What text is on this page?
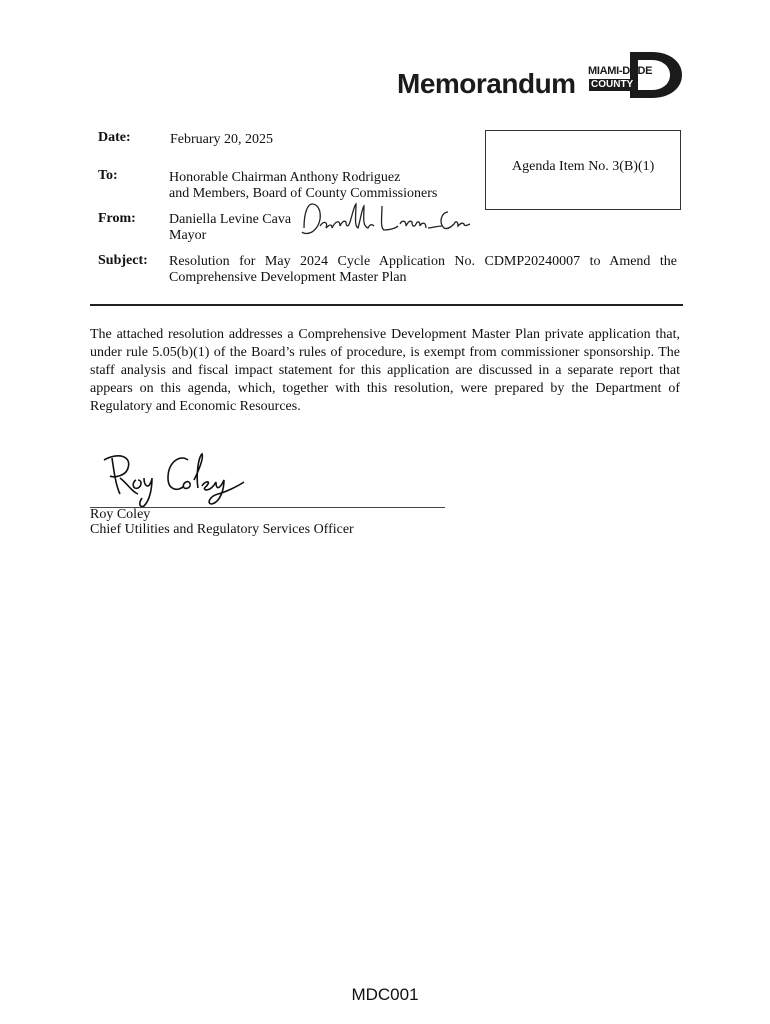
Memorandum MIAMI-DADE
COUNTY
Date:	February 20, 2025
To:	Honorable Chairman Anthony Rodriguez
and Members, Board of County Commissioners
Agenda Item No. 3(B)(1)
From: Daniella Levine Cava
Mayor
Subject: Resolution for May 2024 Cycle Application No. CDMP20240007 to Amend the
Comprehensive Development Master Plan
The attached resolution addresses a Comprehensive Development Master Plan private application that, under rule 5.05(b)(1) of the Board’s rules of procedure, is exempt from commissioner sponsorship. The staff analysis and fiscal impact statement for this application are discussed in a separate report that appears on this agenda, which, together with this resolution, were prepared by the Department of Regulatory and Economic Resources.
Roy Coley
Chief Utilities and Regulatory Services Officer
MDC001
